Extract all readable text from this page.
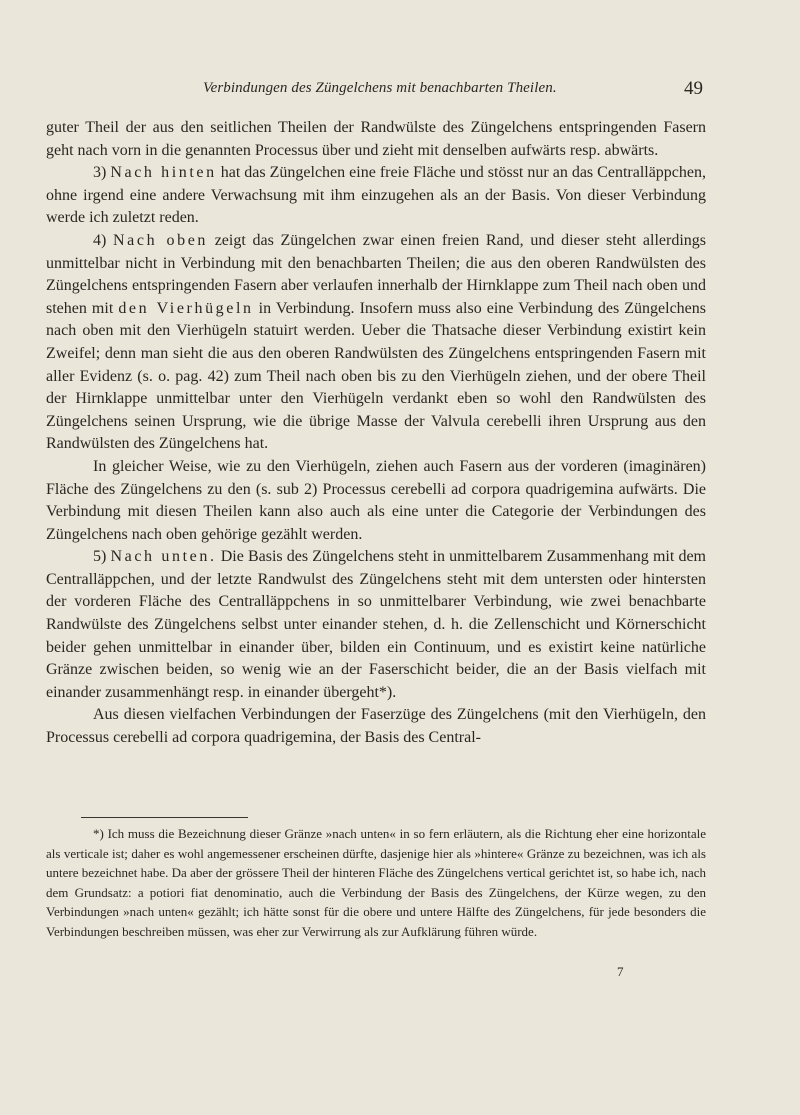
Verbindungen des Züngelchens mit benachbarten Theilen.	49

guter Theil der aus den seitlichen Theilen der Randwülste des Züngelchens entspringenden Fasern geht nach vorn in die genannten Processus über und zieht mit denselben aufwärts resp. abwärts.

3) Nach hinten hat das Züngelchen eine freie Fläche und stösst nur an das Centralläppchen, ohne irgend eine andere Verwachsung mit ihm einzugehen als an der Basis. Von dieser Verbindung werde ich zuletzt reden.

4) Nach oben zeigt das Züngelchen zwar einen freien Rand, und dieser steht allerdings unmittelbar nicht in Verbindung mit den benachbarten Theilen; die aus den oberen Randwülsten des Züngelchens entspringenden Fasern aber verlaufen innerhalb der Hirnklappe zum Theil nach oben und stehen mit den Vierhügeln in Verbindung. Insofern muss also eine Verbindung des Züngelchens nach oben mit den Vierhügeln statuirt werden. Ueber die Thatsache dieser Verbindung existirt kein Zweifel; denn man sieht die aus den oberen Randwülsten des Züngelchens entspringenden Fasern mit aller Evidenz (s. o. pag. 42) zum Theil nach oben bis zu den Vierhügeln ziehen, und der obere Theil der Hirnklappe unmittelbar unter den Vierhügeln verdankt eben so wohl den Randwülsten des Züngelchens seinen Ursprung, wie die übrige Masse der Valvula cerebelli ihren Ursprung aus den Randwülsten des Züngelchens hat.

In gleicher Weise, wie zu den Vierhügeln, ziehen auch Fasern aus der vorderen (imaginären) Fläche des Züngelchens zu den (s. sub 2) Processus cerebelli ad corpora quadrigemina aufwärts. Die Verbindung mit diesen Theilen kann also auch als eine unter die Categorie der Verbindungen des Züngelchens nach oben gehörige gezählt werden.

5) Nach unten. Die Basis des Züngelchens steht in unmittelbarem Zusammenhang mit dem Centralläppchen, und der letzte Randwulst des Züngelchens steht mit dem untersten oder hintersten der vorderen Fläche des Centralläppchens in so unmittelbarer Verbindung, wie zwei benachbarte Randwülste des Züngelchens selbst unter einander stehen, d. h. die Zellenschicht und Körnerschicht beider gehen unmittelbar in einander über, bilden ein Continuum, und es existirt keine natürliche Gränze zwischen beiden, so wenig wie an der Faserschicht beider, die an der Basis vielfach mit einander zusammenhängt resp. in einander übergeht*).

Aus diesen vielfachen Verbindungen der Faserzüge des Züngelchens (mit den Vierhügeln, den Processus cerebelli ad corpora quadrigemina, der Basis des Central-

*) Ich muss die Bezeichnung dieser Gränze »nach unten« in so fern erläutern, als die Richtung eher eine horizontale als verticale ist; daher es wohl angemessener erscheinen dürfte, dasjenige hier als »hintere« Gränze zu bezeichnen, was ich als untere bezeichnet habe. Da aber der grössere Theil der hinteren Fläche des Züngelchens vertical gerichtet ist, so habe ich, nach dem Grundsatz: a potiori fiat denominatio, auch die Verbindung der Basis des Züngelchens, der Kürze wegen, zu den Verbindungen »nach unten« gezählt; ich hätte sonst für die obere und untere Hälfte des Züngelchens, für jede besonders die Verbindungen beschreiben müssen, was eher zur Verwirrung als zur Aufklärung führen würde.

7
